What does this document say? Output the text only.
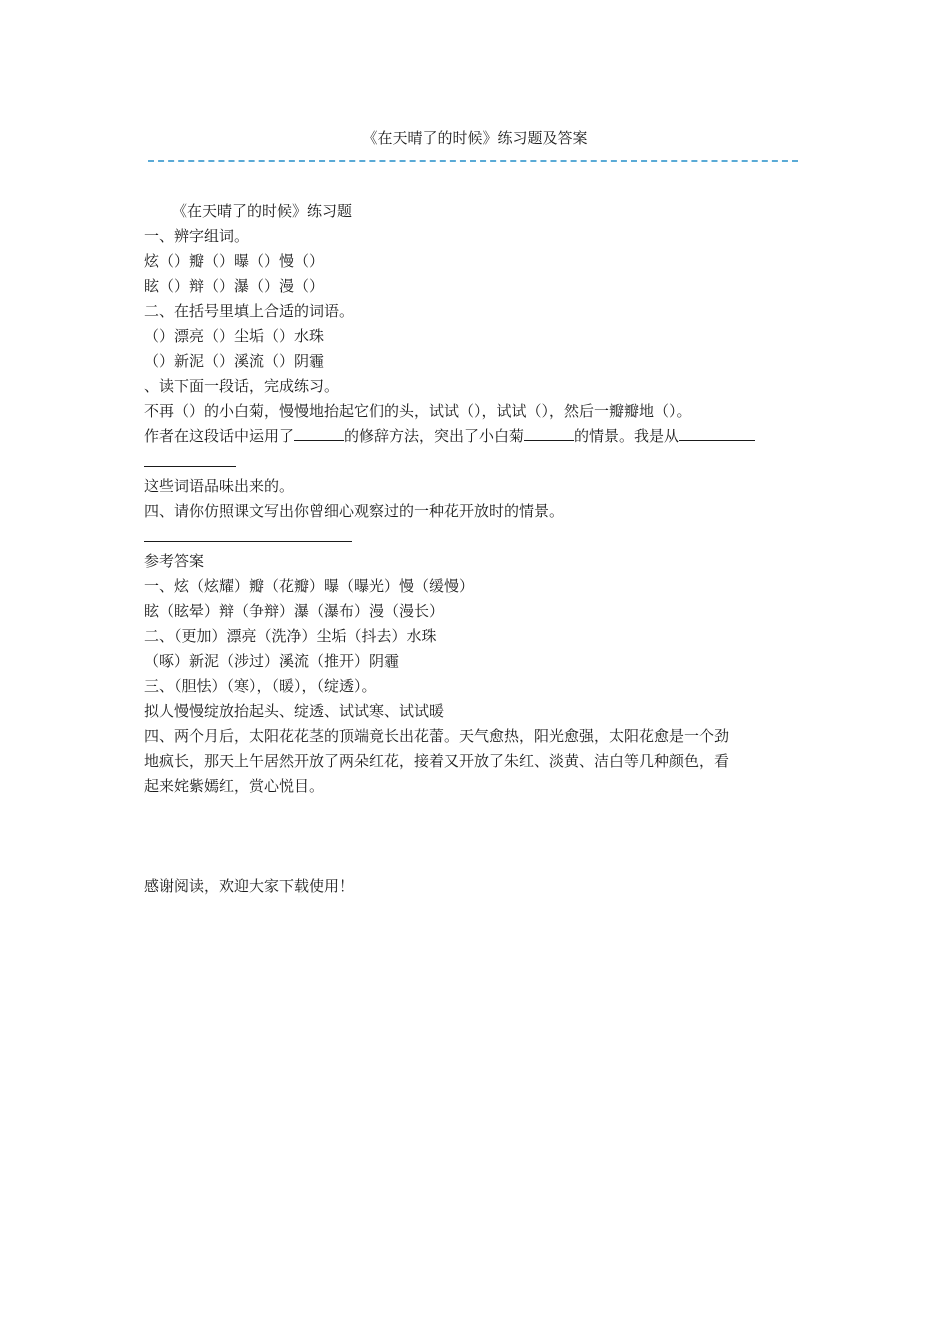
《在天晴了的时候》练习题及答案
《在天晴了的时候》练习题
一、辨字组词。
炫（）瓣（）曝（）慢（）
眩（）辩（）瀑（）漫（）
二、在括号里填上合适的词语。
（）漂亮（）尘垢（）水珠
（）新泥（）溪流（）阴霾
、读下面一段话，完成练习。
不再（）的小白菊，慢慢地抬起它们的头，试试（），试试（），然后一瓣瓣地（）。
作者在这段话中运用了	的修辞方法，突出了小白菊	的情景。我是从
这些词语品味出来的。
四、请你仿照课文写出你曾细心观察过的一种花开放时的情景。
参考答案
一、炫（炫耀）瓣（花瓣）曝（曝光）慢（缓慢）
眩（眩晕）辩（争辩）瀑（瀑布）漫（漫长）
二、（更加）漂亮（洗净）尘垢（抖去）水珠
（啄）新泥（涉过）溪流（推开）阴霾
三、（胆怯）（寒），（暖），（绽透）。
拟人慢慢绽放抬起头、绽透、试试寒、试试暖
四、两个月后，太阳花花茎的顶端竟长出花蕾。天气愈热，阳光愈强，太阳花愈是一个劲
地疯长，那天上午居然开放了两朵红花，接着又开放了朱红、淡黄、洁白等几种颜色，看
起来姹紫嫣红，赏心悦目。
感谢阅读，欢迎大家下载使用！
